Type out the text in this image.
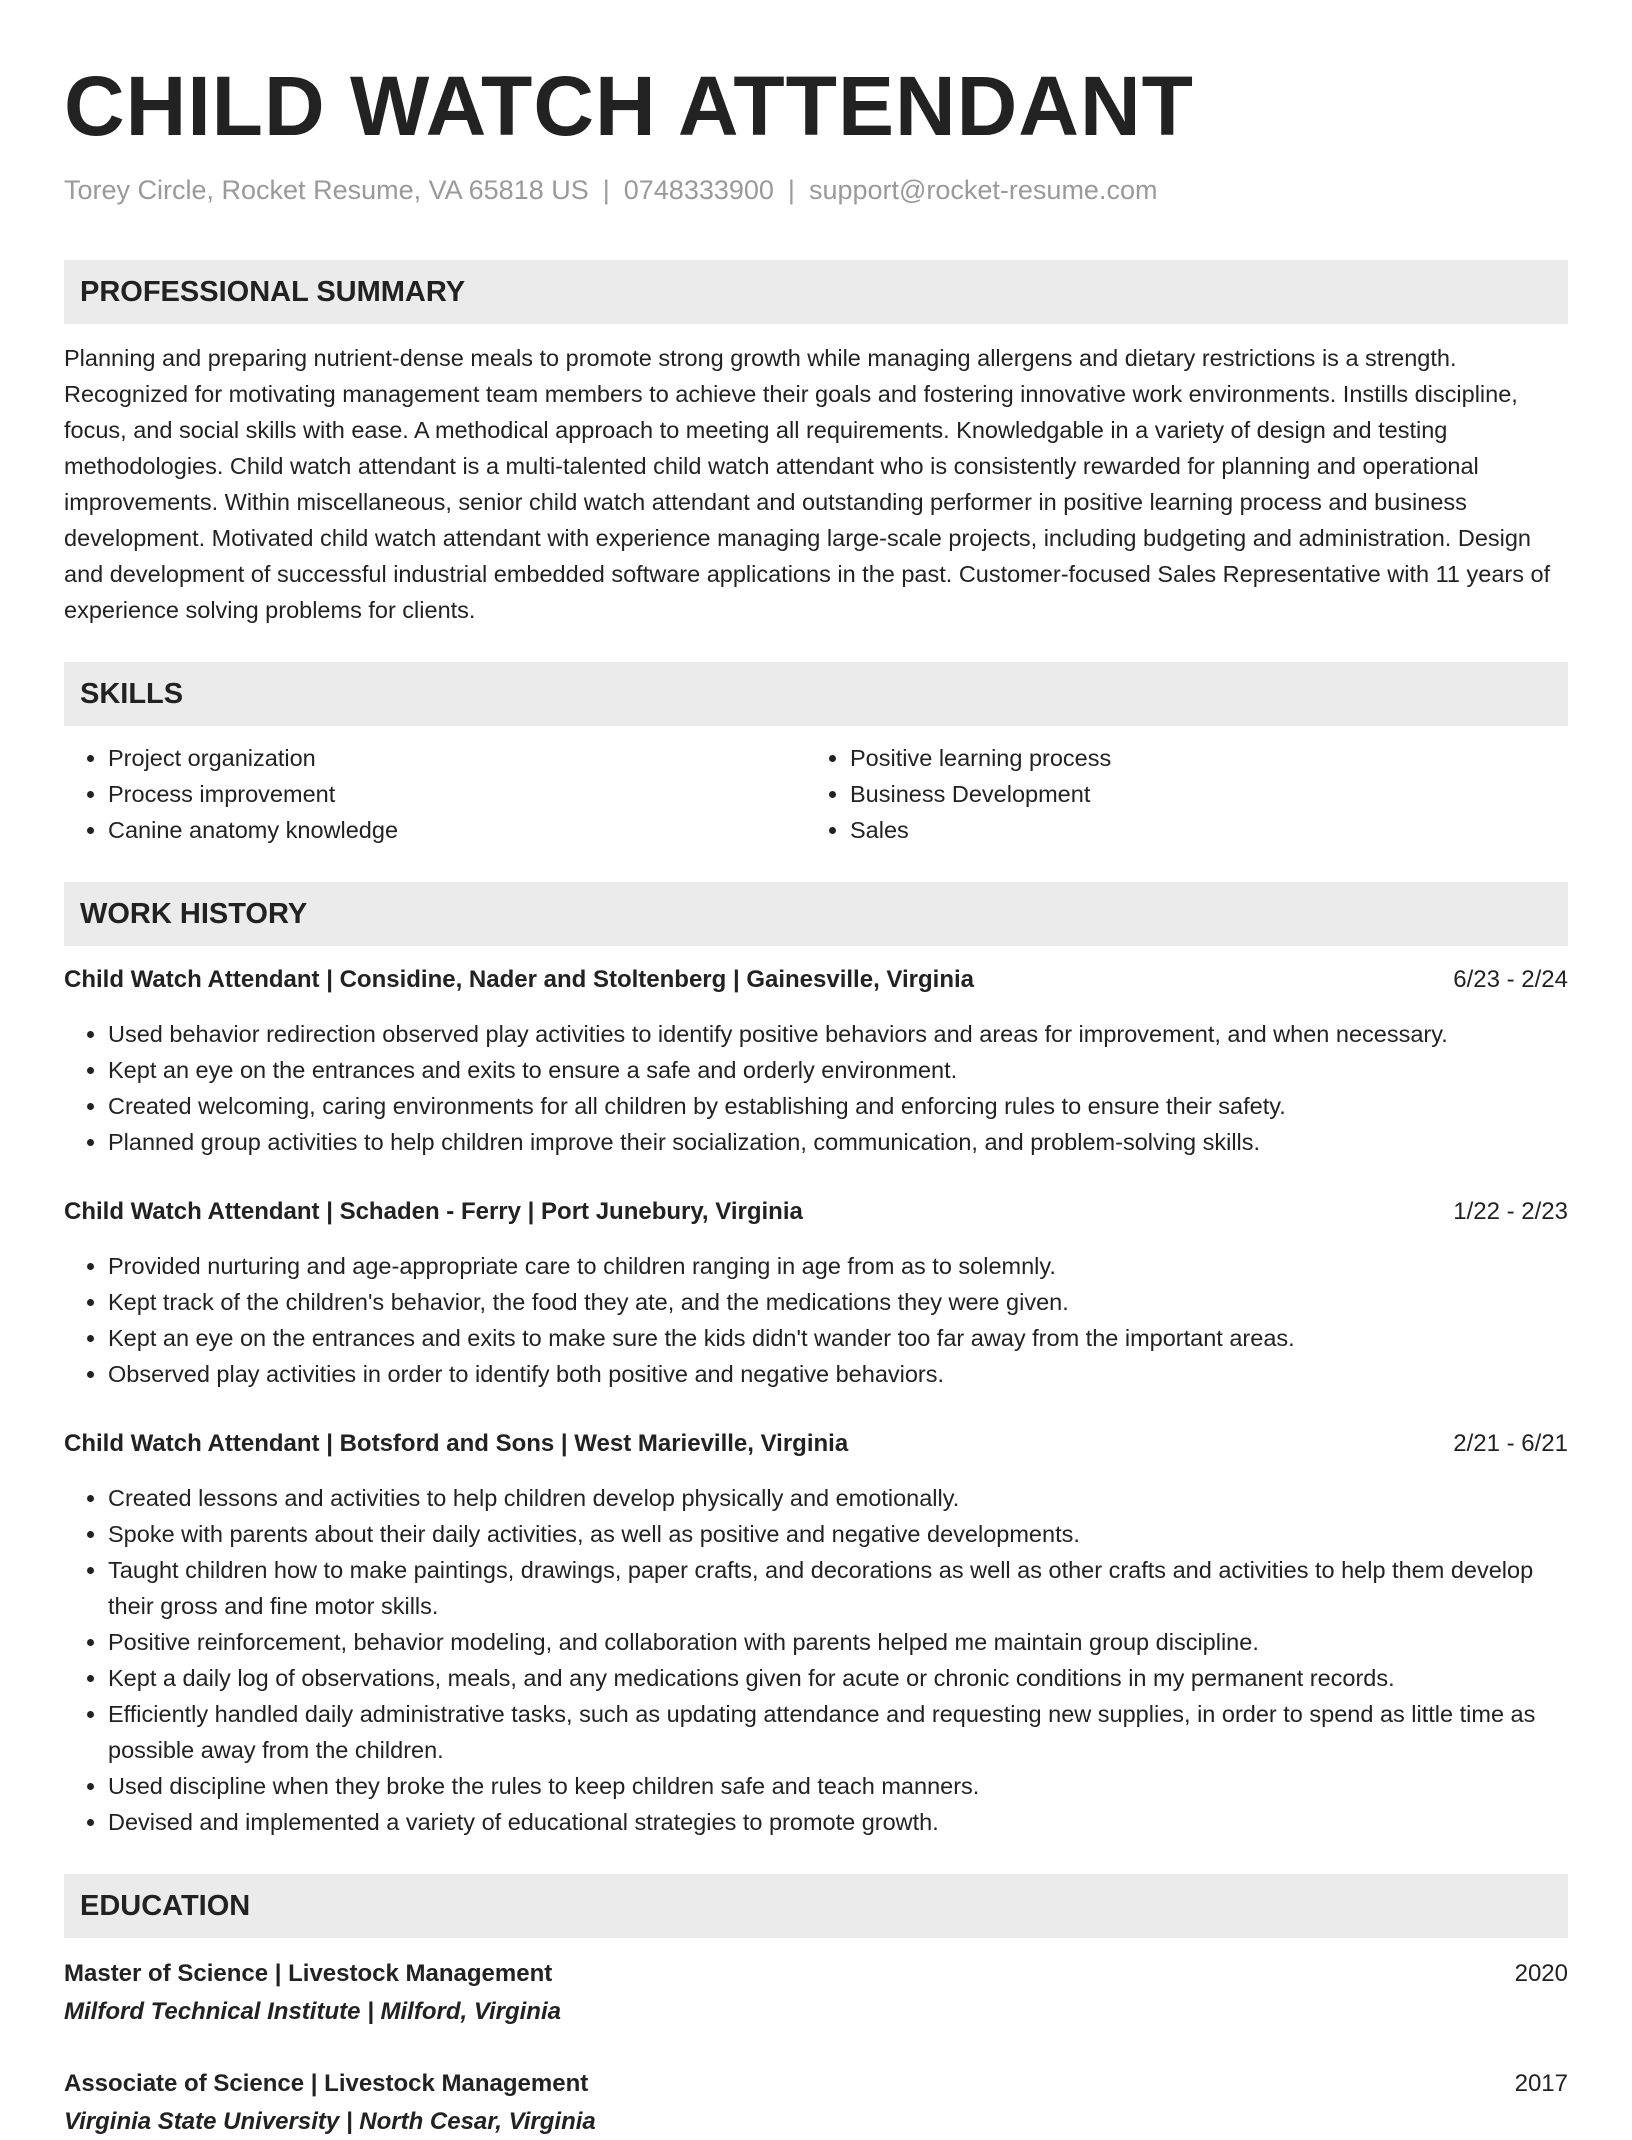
CHILD WATCH ATTENDANT
Torey Circle, Rocket Resume, VA 65818 US | 0748333900 | support@rocket-resume.com
PROFESSIONAL SUMMARY
Planning and preparing nutrient-dense meals to promote strong growth while managing allergens and dietary restrictions is a strength. Recognized for motivating management team members to achieve their goals and fostering innovative work environments. Instills discipline, focus, and social skills with ease. A methodical approach to meeting all requirements. Knowledgable in a variety of design and testing methodologies. Child watch attendant is a multi-talented child watch attendant who is consistently rewarded for planning and operational improvements. Within miscellaneous, senior child watch attendant and outstanding performer in positive learning process and business development. Motivated child watch attendant with experience managing large-scale projects, including budgeting and administration. Design and development of successful industrial embedded software applications in the past. Customer-focused Sales Representative with 11 years of experience solving problems for clients.
SKILLS
• Project organization
• Process improvement
• Canine anatomy knowledge
• Positive learning process
• Business Development
• Sales
WORK HISTORY
Child Watch Attendant | Considine, Nader and Stoltenberg | Gainesville, Virginia	6/23 - 2/24
• Used behavior redirection observed play activities to identify positive behaviors and areas for improvement, and when necessary.
• Kept an eye on the entrances and exits to ensure a safe and orderly environment.
• Created welcoming, caring environments for all children by establishing and enforcing rules to ensure their safety.
• Planned group activities to help children improve their socialization, communication, and problem-solving skills.
Child Watch Attendant | Schaden - Ferry | Port Junebury, Virginia	1/22 - 2/23
• Provided nurturing and age-appropriate care to children ranging in age from as to solemnly.
• Kept track of the children's behavior, the food they ate, and the medications they were given.
• Kept an eye on the entrances and exits to make sure the kids didn't wander too far away from the important areas.
• Observed play activities in order to identify both positive and negative behaviors.
Child Watch Attendant | Botsford and Sons | West Marieville, Virginia	2/21 - 6/21
• Created lessons and activities to help children develop physically and emotionally.
• Spoke with parents about their daily activities, as well as positive and negative developments.
• Taught children how to make paintings, drawings, paper crafts, and decorations as well as other crafts and activities to help them develop their gross and fine motor skills.
• Positive reinforcement, behavior modeling, and collaboration with parents helped me maintain group discipline.
• Kept a daily log of observations, meals, and any medications given for acute or chronic conditions in my permanent records.
• Efficiently handled daily administrative tasks, such as updating attendance and requesting new supplies, in order to spend as little time as possible away from the children.
• Used discipline when they broke the rules to keep children safe and teach manners.
• Devised and implemented a variety of educational strategies to promote growth.
EDUCATION
Master of Science | Livestock Management	2020
Milford Technical Institute | Milford, Virginia
Associate of Science | Livestock Management	2017
Virginia State University | North Cesar, Virginia
